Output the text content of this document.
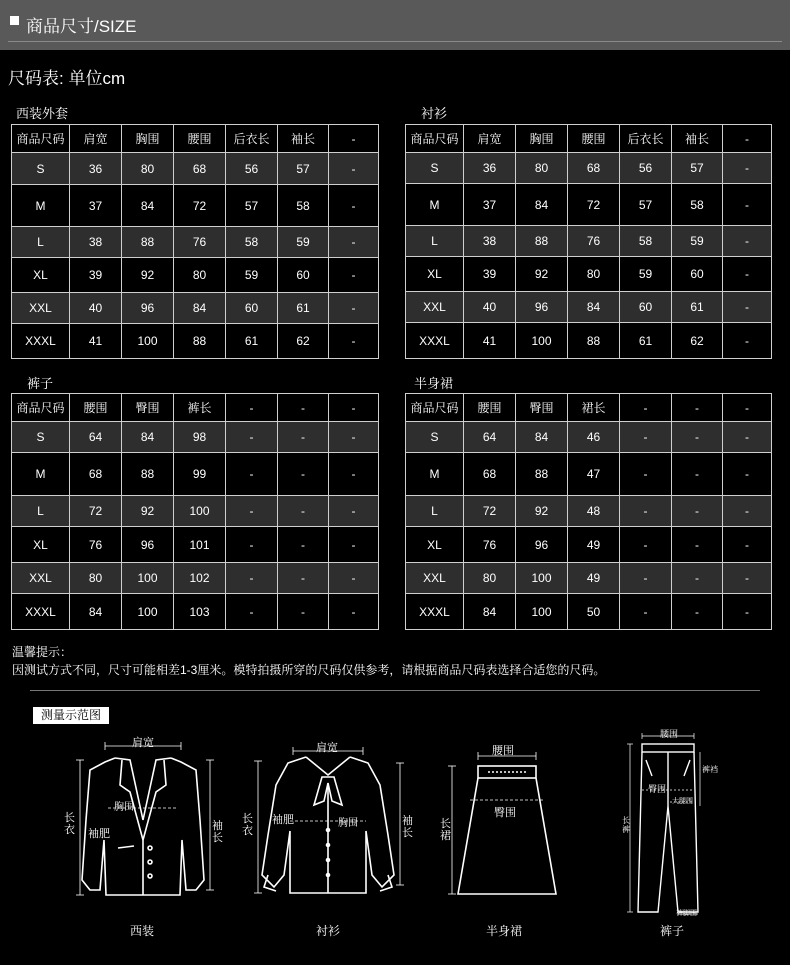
商品尺寸/SIZE
尺码表: 单位cm
西装外套	衬衫
裤子	半身裙
商品尺码	肩宽	胸围	腰围	后衣长	袖长	-
S	36	80	68	56	57	-
M	37	84	72	57	58	-
L	38	88	76	58	59	-
XL	39	92	80	59	60	-
XXL	40	96	84	60	61	-
XXXL	41	100	88	61	62	-
商品尺码	肩宽	胸围	腰围	后衣长	袖长	-
S	36	80	68	56	57	-
M	37	84	72	57	58	-
L	38	88	76	58	59	-
XL	39	92	80	59	60	-
XXL	40	96	84	60	61	-
XXXL	41	100	88	61	62	-
商品尺码	腰围	臀围	裤长	-	-	-
S	64	84	98	-	-	-
M	68	88	99	-	-	-
L	72	92	100	-	-	-
XL	76	96	101	-	-	-
XXL	80	100	102	-	-	-
XXXL	84	100	103	-	-	-
商品尺码	腰围	臀围	裙长	-	-	-
S	64	84	46	-	-	-
M	68	88	47	-	-	-
L	72	92	48	-	-	-
XL	76	96	49	-	-	-
XXL	80	100	49	-	-	-
XXXL	84	100	50	-	-	-
温馨提示：
因测试方式不同，尺寸可能相差1-3厘米。模特拍摄所穿的尺码仅供参考，请根据商品尺码表选择合适您的尺码。
测量示范图
肩宽
胸围
长衣 袖肥
袖长
西装
肩宽
胸围
长衣
袖肥	袖长
衬衫
腰围
臀围
长裙
半身裙
腰围
裤裆
臀围
大腿围
长裤
裤脚围
裤子
